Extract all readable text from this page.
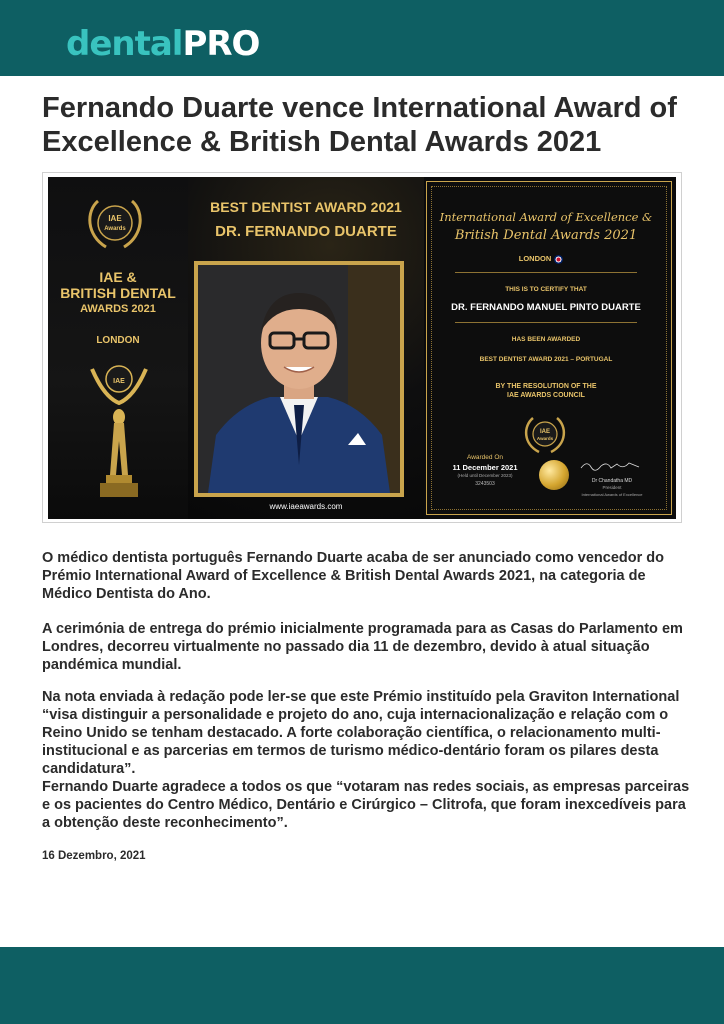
dentalPRO
Fernando Duarte vence International Award of Excellence & British Dental Awards 2021
IAE
Awards
IAE &
BRITISH DENTAL
AWARDS 2021
LONDON
IAE
BEST DENTIST AWARD 2021
DR. FERNANDO DUARTE
www.iaeawards.com
International Award of Excellence &
British Dental Awards 2021
LONDON
THIS IS TO CERTIFY THAT
DR. FERNANDO MANUEL PINTO DUARTE
HAS BEEN AWARDED
BEST DENTIST AWARD 2021 – PORTUGAL
BY THE RESOLUTION OF THE
IAE AWARDS COUNCIL
IAE
Awards
Awarded On
11 December 2021
(Held until December 2023)
3243503	Dr Chandatha MD
President
International Awards of Excellence

O médico dentista português Fernando Duarte acaba de ser anunciado como vencedor do Prémio International Award of Excellence & British Dental Awards 2021, na categoria de Médico Dentista do Ano.

A cerimónia de entrega do prémio inicialmente programada para as Casas do Parlamento em Londres, decorreu virtualmente no passado dia 11 de dezembro, devido à atual situação pandémica mundial.

Na nota enviada à redação pode ler-se que este Prémio instituído pela Graviton International “visa distinguir a personalidade e projeto do ano, cuja internacionalização e relação com o Reino Unido se tenham destacado. A forte colaboração científica, o relacionamento multi-institucional e as parcerias em termos de turismo médico-dentário foram os pilares desta candidatura”.

Fernando Duarte agradece a todos os que “votaram nas redes sociais, as empresas parceiras e os pacientes do Centro Médico, Dentário e Cirúrgico – Clitrofa, que foram inexcedíveis para a obtenção deste reconhecimento”.

16 Dezembro, 2021
